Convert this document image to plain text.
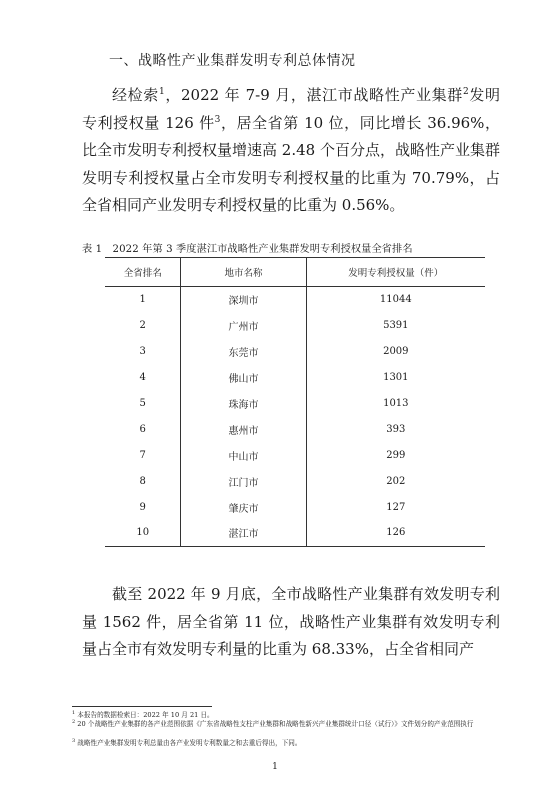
一、战略性产业集群发明专利总体情况

经检索$^1$，2022 年 7-9 月，湛江市战略性产业集群$^2$发明专利授权量 126 件$^3$，居全省第 10 位，同比增长 36.96%，比全市发明专利授权量增速高 2.48 个百分点，战略性产业集群发明专利授权量占全市发明专利授权量的比重为 70.79%，占全省相同产业发明专利授权量的比重为 0.56%。

表 1　2022 年第 3 季度湛江市战略性产业集群发明专利授权量全省排名
全省排名	地市名称	发明专利授权量（件）
1	深圳市	11044
2	广州市	5391
3	东莞市	2009
4	佛山市	1301
5	珠海市	1013
6	惠州市	393
7	中山市	299
8	江门市	202
9	肇庆市	127
10	湛江市	126

截至 2022 年 9 月底，全市战略性产业集群有效发明专利量 1562 件，居全省第 11 位，战略性产业集群有效发明专利量占全市有效发明专利量的比重为 68.33%，占全省相同产

$^1$ 本报告的数据检索日：2022 年 10 月 21 日。
$^2$ 20 个战略性产业集群的各产业范围依据《广东省战略性支柱产业集群和战略性新兴产业集群统计口径（试行）》文件划分的产业范围执行
$^3$ 战略性产业集群发明专利总量由各产业发明专利数量之和去重后得出，下同。
1
